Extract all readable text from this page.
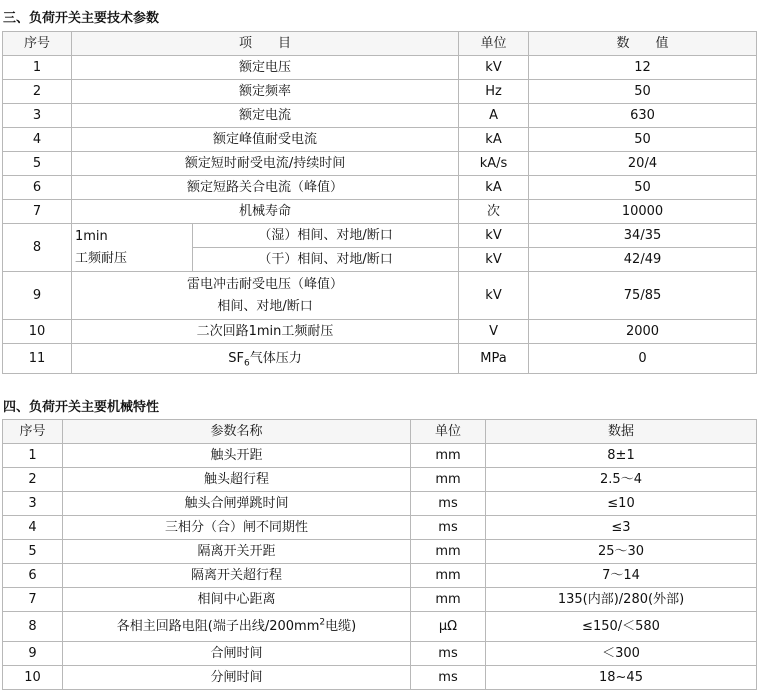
三、负荷开关主要技术参数
序号	项　　目		单位	数　　值
1	额定电压		kV	12
2	额定频率		Hz	50
3	额定电流		A	630
4	额定峰值耐受电流		kA	50
5	额定短时耐受电流/持续时间		kA/s	20/4
6	额定短路关合电流（峰值）		kA	50
7	机械寿命		次	10000
8	1min
工频耐压	（湿）相间、对地/断口	kV	34/35
		（干）相间、对地/断口	kV	42/49
9	雷电冲击耐受电压（峰值）
相间、对地/断口		kV	75/85
10	二次回路1min工频耐压		V	2000
11	$SF_6$气体压力		MPa	0
四、负荷开关主要机械特性
序号	参数名称	单位	数据
1	触头开距	mm	8±1
2	触头超行程	mm	2.5～4
3	触头合闸弹跳时间	ms	≤10
4	三相分（合）闸不同期性	ms	≤3
5	隔离开关开距	mm	25～30
6	隔离开关超行程	mm	7～14
7	相间中心距离	mm	135(内部)/280(外部)
8	各相主回路电阻(端子出线$/200mm^2$电缆)	μΩ	≤150/＜580
9	合闸时间	ms	＜300
10	分闸时间	ms	18~45
